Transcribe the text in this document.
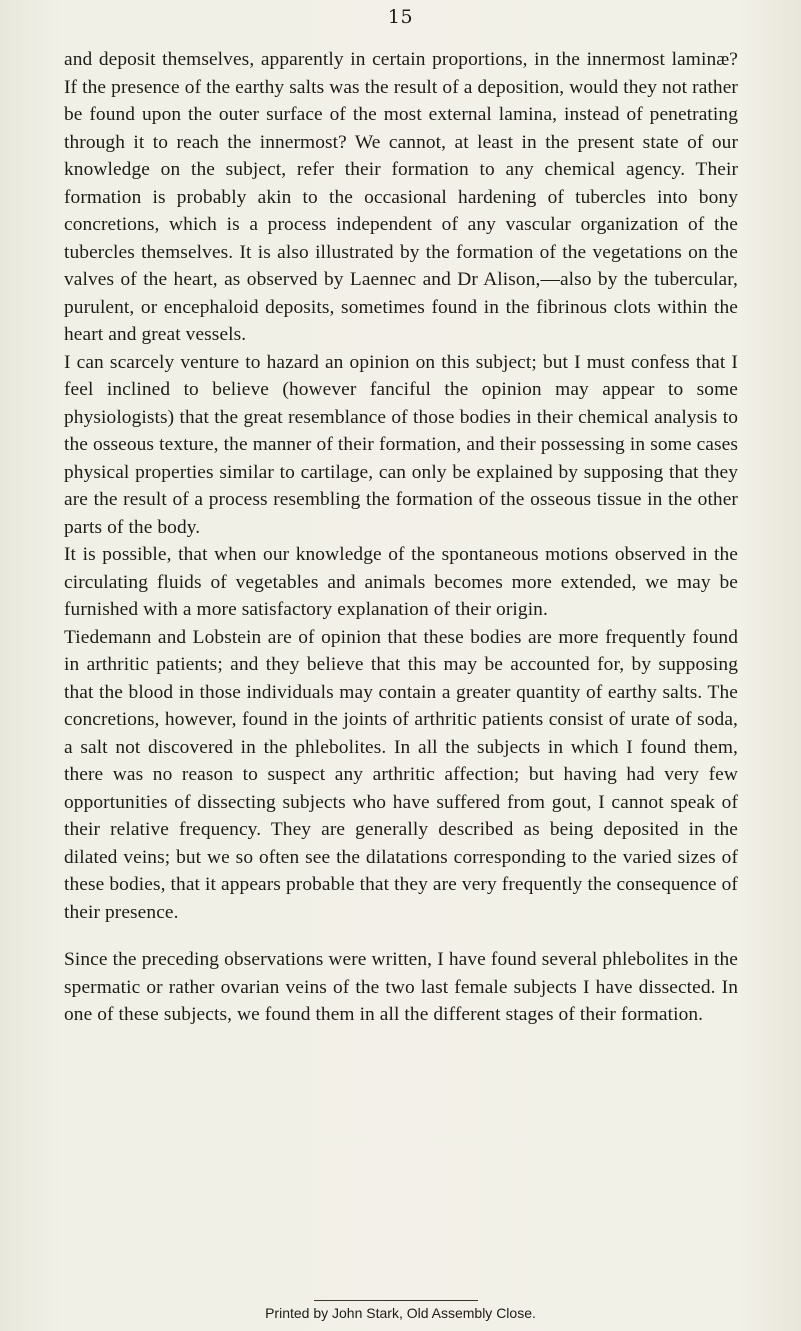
15

and deposit themselves, apparently in certain proportions, in the innermost laminæ? If the presence of the earthy salts was the result of a deposition, would they not rather be found upon the outer surface of the most external lamina, instead of penetrating through it to reach the innermost? We cannot, at least in the present state of our knowledge on the subject, refer their formation to any chemical agency. Their formation is probably akin to the occasional hardening of tubercles into bony concretions, which is a process independent of any vascular organization of the tubercles themselves. It is also illustrated by the formation of the vegetations on the valves of the heart, as observed by Laennec and Dr Alison,—also by the tubercular, purulent, or encephaloid deposits, sometimes found in the fibrinous clots within the heart and great vessels.

I can scarcely venture to hazard an opinion on this subject; but I must confess that I feel inclined to believe (however fanciful the opinion may appear to some physiologists) that the great resemblance of those bodies in their chemical analysis to the osseous texture, the manner of their formation, and their possessing in some cases physical properties similar to cartilage, can only be explained by supposing that they are the result of a process resembling the formation of the osseous tissue in the other parts of the body.

It is possible, that when our knowledge of the spontaneous motions observed in the circulating fluids of vegetables and animals becomes more extended, we may be furnished with a more satisfactory explanation of their origin.

Tiedemann and Lobstein are of opinion that these bodies are more frequently found in arthritic patients; and they believe that this may be accounted for, by supposing that the blood in those individuals may contain a greater quantity of earthy salts. The concretions, however, found in the joints of arthritic patients consist of urate of soda, a salt not discovered in the phlebolites. In all the subjects in which I found them, there was no reason to suspect any arthritic affection; but having had very few opportunities of dissecting subjects who have suffered from gout, I cannot speak of their relative frequency. They are generally described as being deposited in the dilated veins; but we so often see the dilatations corresponding to the varied sizes of these bodies, that it appears probable that they are very frequently the consequence of their presence.

Since the preceding observations were written, I have found several phlebolites in the spermatic or rather ovarian veins of the two last female subjects I have dissected. In one of these subjects, we found them in all the different stages of their formation.

Printed by John Stark, Old Assembly Close.
